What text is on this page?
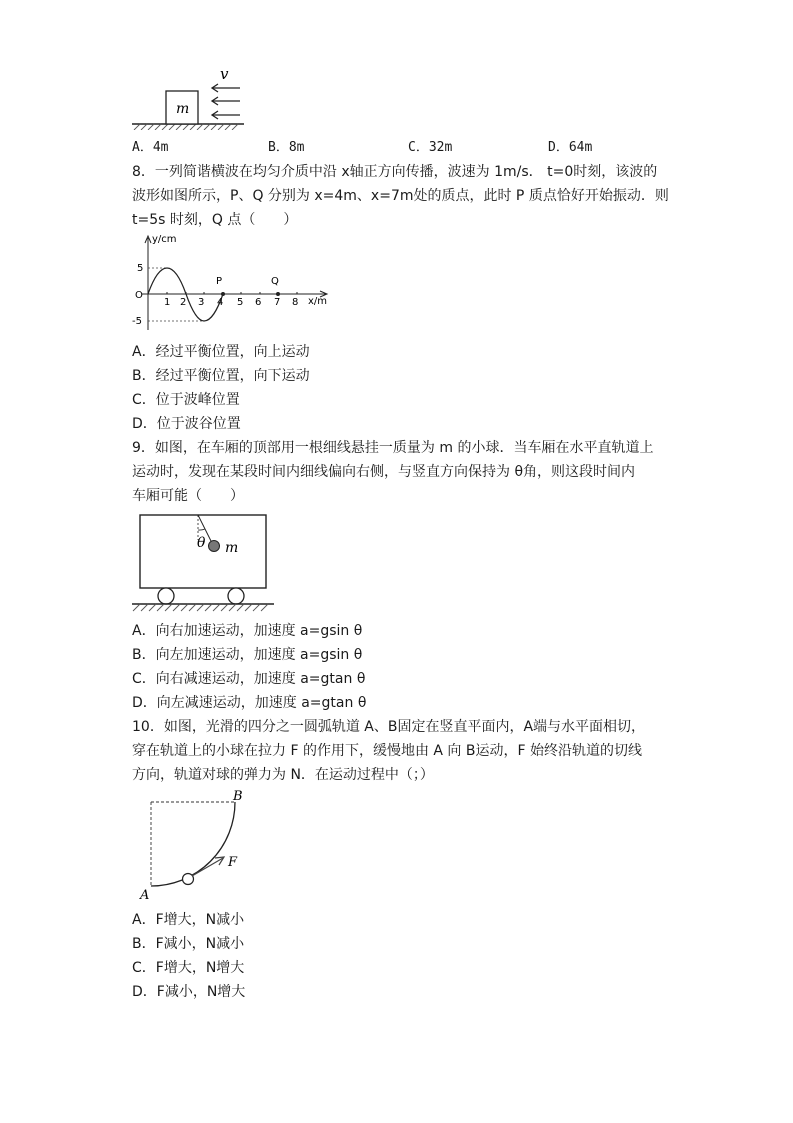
m
v
A．4m	B．8m	C．32m	D．64m
8．一列简谐横波在均匀介质中沿 x轴正方向传播，波速为 1m/s． t=0时刻，该波的
波形如图所示，P、Q 分别为 x=4m、x=7m处的质点，此时 P 质点恰好开始振动．则
t=5s 时刻，Q 点（　　）
y/cm
x/m
O
5
-5
1 2 3 4 5 6 7 8
P	Q
A．经过平衡位置，向上运动
B．经过平衡位置，向下运动
C．位于波峰位置
D．位于波谷位置
9．如图，在车厢的顶部用一根细线悬挂一质量为 m 的小球．当车厢在水平直轨道上
运动时，发现在某段时间内细线偏向右侧，与竖直方向保持为 θ角，则这段时间内
车厢可能（　　）
θ m
A．向右加速运动，加速度 a=gsin θ
B．向左加速运动，加速度 a=gsin θ
C．向右减速运动，加速度 a=gtan θ
D．向左减速运动，加速度 a=gtan θ
10．如图，光滑的四分之一圆弧轨道 A、B固定在竖直平面内，A端与水平面相切，
穿在轨道上的小球在拉力 F 的作用下，缓慢地由 A 向 B运动，F 始终沿轨道的切线
方向，轨道对球的弹力为 N．在运动过程中（；）
A
B
F
A．F增大，N减小
B．F减小，N减小
C．F增大，N增大
D．F减小，N增大
